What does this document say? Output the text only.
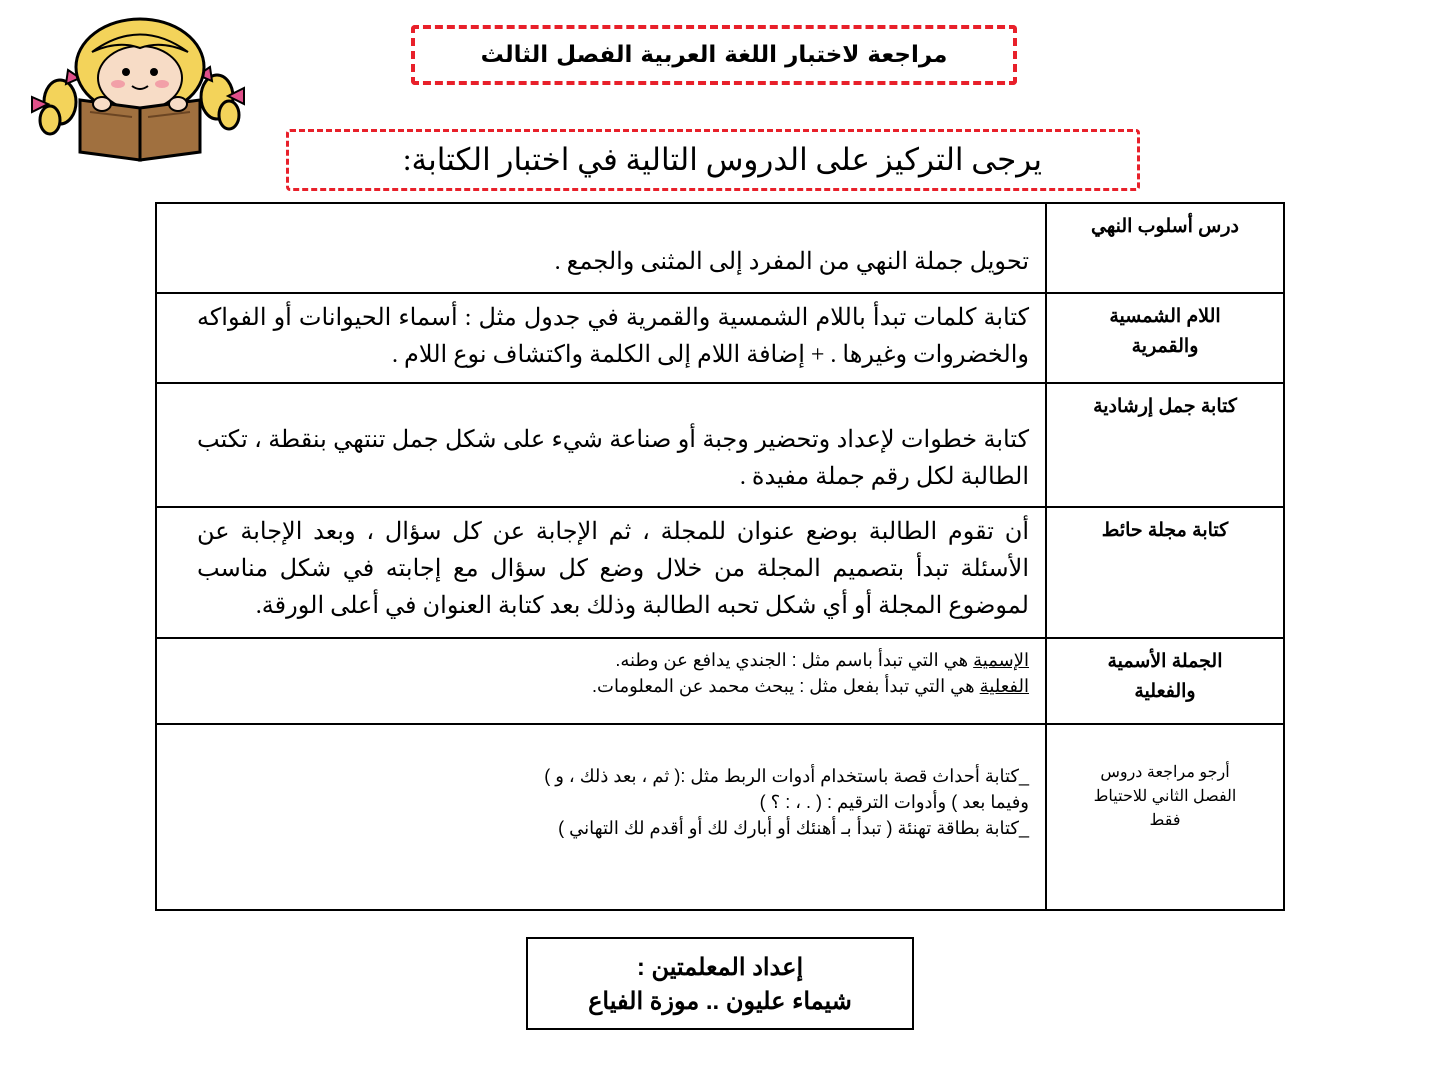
مراجعة لاختبار اللغة العربية الفصل الثالث
يرجى التركيز على الدروس التالية في اختبار الكتابة:
درس أسلوب النهي	تحويل جملة النهي من المفرد إلى المثنى والجمع .
اللام الشمسية والقمرية	كتابة كلمات تبدأ باللام الشمسية والقمرية في جدول مثل : أسماء الحيوانات أو الفواكه والخضروات وغيرها . + إضافة اللام إلى الكلمة واكتشاف نوع اللام .
كتابة جمل إرشادية	كتابة خطوات لإعداد وتحضير وجبة أو صناعة شيء على شكل جمل تنتهي بنقطة ، تكتب الطالبة لكل رقم جملة مفيدة .
كتابة مجلة حائط	أن تقوم الطالبة بوضع عنوان للمجلة ، ثم الإجابة عن كل سؤال ، وبعد الإجابة عن الأسئلة تبدأ بتصميم المجلة من خلال وضع كل سؤال مع إجابته في شكل مناسب لموضوع المجلة أو أي شكل تحبه الطالبة وذلك بعد كتابة العنوان في أعلى الورقة.
الجملة الأسمية والفعلية	الإسمية هي التي تبدأ باسم مثل : الجندي يدافع عن وطنه.
الفعلية هي التي تبدأ بفعل مثل : يبحث محمد عن المعلومات.

أرجو مراجعة دروس الفصل الثاني للاحتياط فقط	_كتابة أحداث قصة باستخدام أدوات الربط مثل :( ثم ، بعد ذلك ، و )
وفيما بعد ) وأدوات الترقيم : ( . ، : ؟ )
_كتابة بطاقة تهنئة ( تبدأ بـ أهنئك أو أبارك لك أو أقدم لك التهاني )
إعداد المعلمتين :
شيماء عليون .. موزة الفياع
